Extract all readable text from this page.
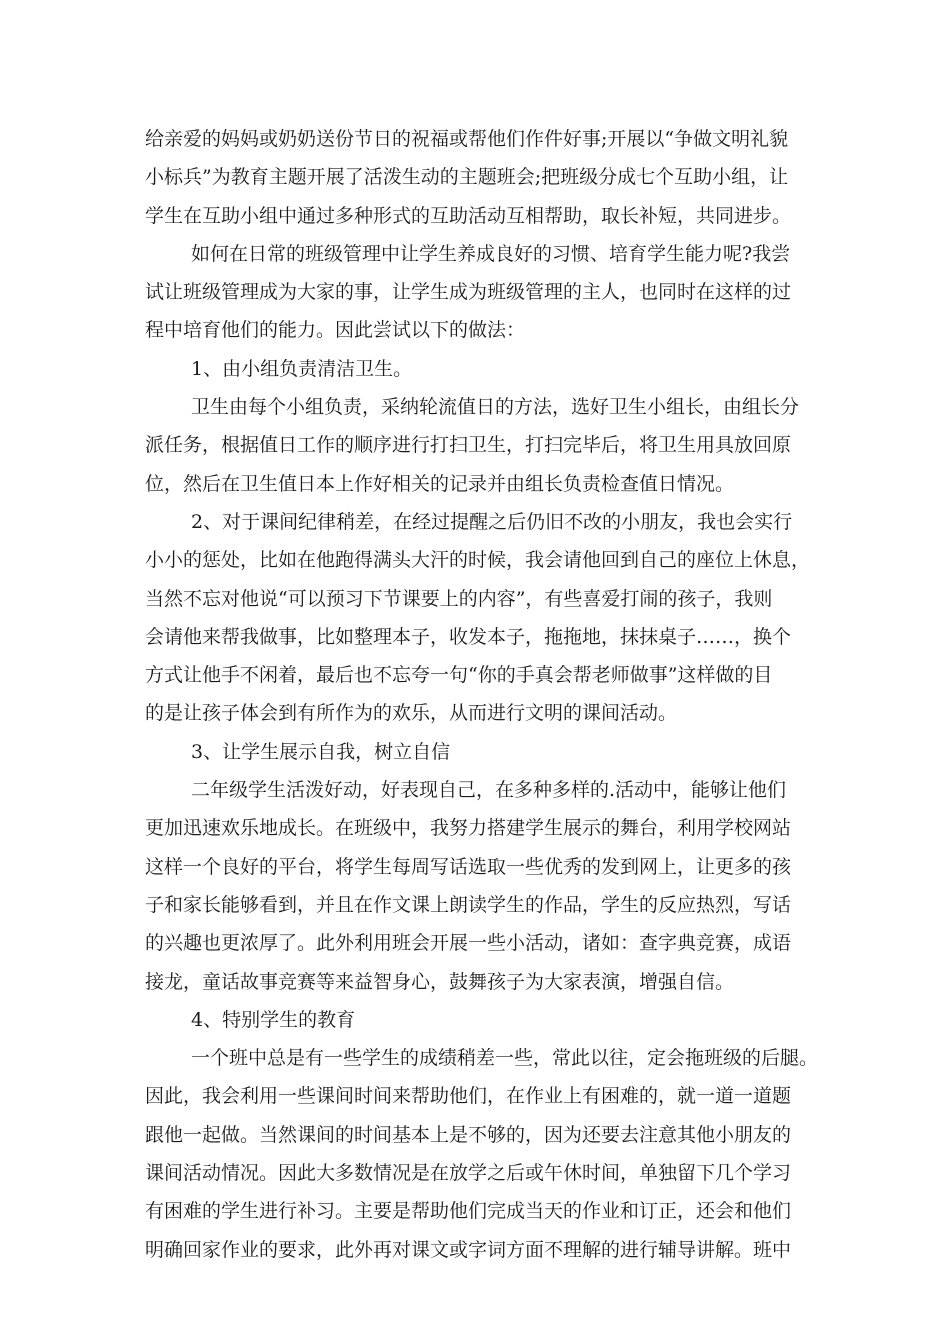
给亲爱的妈妈或奶奶送份节日的祝福或帮他们作件好事;开展以“争做文明礼貌
小标兵”为教育主题开展了活泼生动的主题班会;把班级分成七个互助小组，让
学生在互助小组中通过多种形式的互助活动互相帮助，取长补短，共同进步。
如何在日常的班级管理中让学生养成良好的习惯、培育学生能力呢?我尝
试让班级管理成为大家的事，让学生成为班级管理的主人，也同时在这样的过
程中培育他们的能力。因此尝试以下的做法：
1、由小组负责清洁卫生。
卫生由每个小组负责，采纳轮流值日的方法，选好卫生小组长，由组长分
派任务，根据值日工作的顺序进行打扫卫生，打扫完毕后，将卫生用具放回原
位，然后在卫生值日本上作好相关的记录并由组长负责检查值日情况。
2、对于课间纪律稍差，在经过提醒之后仍旧不改的小朋友，我也会实行
小小的惩处，比如在他跑得满头大汗的时候，我会请他回到自己的座位上休息，
当然不忘对他说“可以预习下节课要上的内容”，有些喜爱打闹的孩子，我则
会请他来帮我做事，比如整理本子，收发本子，拖拖地，抹抹桌子……，换个
方式让他手不闲着，最后也不忘夸一句“你的手真会帮老师做事”这样做的目
的是让孩子体会到有所作为的欢乐，从而进行文明的课间活动。
3、让学生展示自我，树立自信
二年级学生活泼好动，好表现自己，在多种多样的.活动中，能够让他们
更加迅速欢乐地成长。在班级中，我努力搭建学生展示的舞台，利用学校网站
这样一个良好的平台，将学生每周写话选取一些优秀的发到网上，让更多的孩
子和家长能够看到，并且在作文课上朗读学生的作品，学生的反应热烈，写话
的兴趣也更浓厚了。此外利用班会开展一些小活动，诸如：查字典竞赛，成语
接龙，童话故事竞赛等来益智身心，鼓舞孩子为大家表演，增强自信。
4、特别学生的教育
一个班中总是有一些学生的成绩稍差一些，常此以往，定会拖班级的后腿。
因此，我会利用一些课间时间来帮助他们，在作业上有困难的，就一道一道题
跟他一起做。当然课间的时间基本上是不够的，因为还要去注意其他小朋友的
课间活动情况。因此大多数情况是在放学之后或午休时间，单独留下几个学习
有困难的学生进行补习。主要是帮助他们完成当天的作业和订正，还会和他们
明确回家作业的要求，此外再对课文或字词方面不理解的进行辅导讲解。班中
